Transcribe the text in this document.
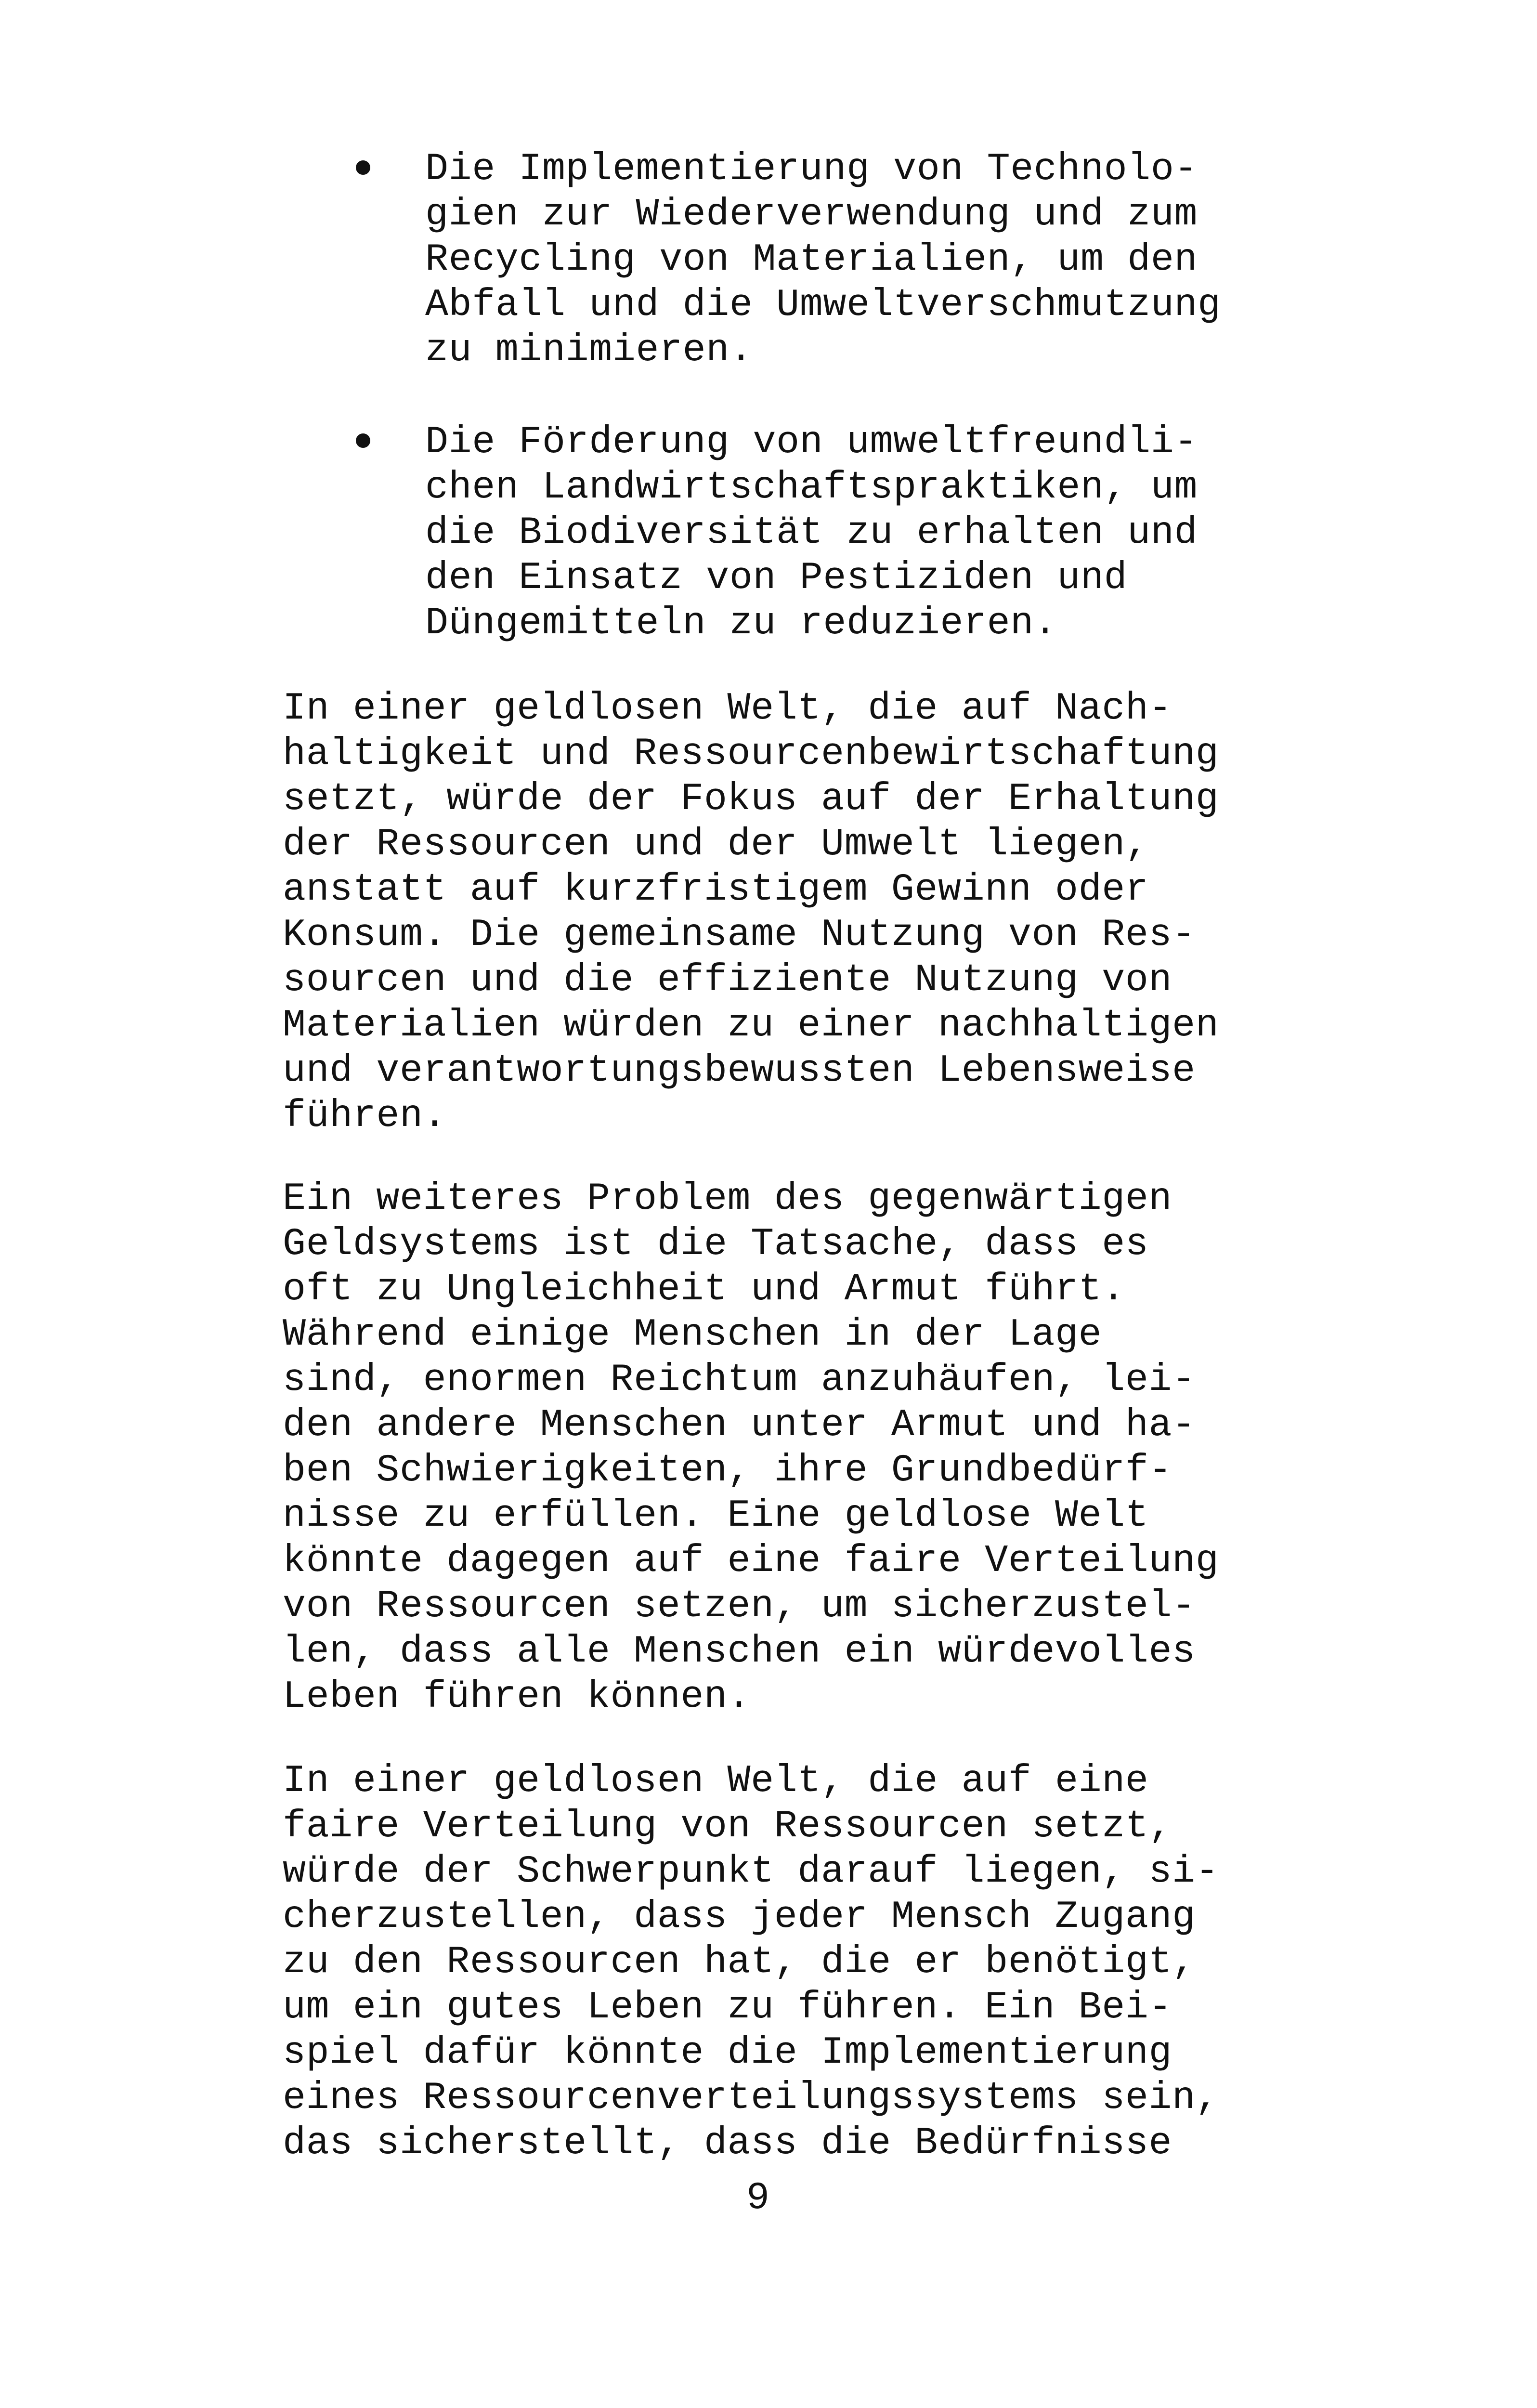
Die Implementierung von Technolo-
gien zur Wiederverwendung und zum
Recycling von Materialien, um den
Abfall und die Umweltverschmutzung
zu minimieren.
Die Förderung von umweltfreundli-
chen Landwirtschaftspraktiken, um
die Biodiversität zu erhalten und
den Einsatz von Pestiziden und
Düngemitteln zu reduzieren.
In einer geldlosen Welt, die auf Nach-
haltigkeit und Ressourcenbewirtschaftung
setzt, würde der Fokus auf der Erhaltung
der Ressourcen und der Umwelt liegen,
anstatt auf kurzfristigem Gewinn oder
Konsum. Die gemeinsame Nutzung von Res-
sourcen und die effiziente Nutzung von
Materialien würden zu einer nachhaltigen
und verantwortungsbewussten Lebensweise
führen.
Ein weiteres Problem des gegenwärtigen
Geldsystems ist die Tatsache, dass es
oft zu Ungleichheit und Armut führt.
Während einige Menschen in der Lage
sind, enormen Reichtum anzuhäufen, lei-
den andere Menschen unter Armut und ha-
ben Schwierigkeiten, ihre Grundbedürf-
nisse zu erfüllen. Eine geldlose Welt
könnte dagegen auf eine faire Verteilung
von Ressourcen setzen, um sicherzustel-
len, dass alle Menschen ein würdevolles
Leben führen können.
In einer geldlosen Welt, die auf eine
faire Verteilung von Ressourcen setzt,
würde der Schwerpunkt darauf liegen, si-
cherzustellen, dass jeder Mensch Zugang
zu den Ressourcen hat, die er benötigt,
um ein gutes Leben zu führen. Ein Bei-
spiel dafür könnte die Implementierung
eines Ressourcenverteilungssystems sein,
das sicherstellt, dass die Bedürfnisse
9
